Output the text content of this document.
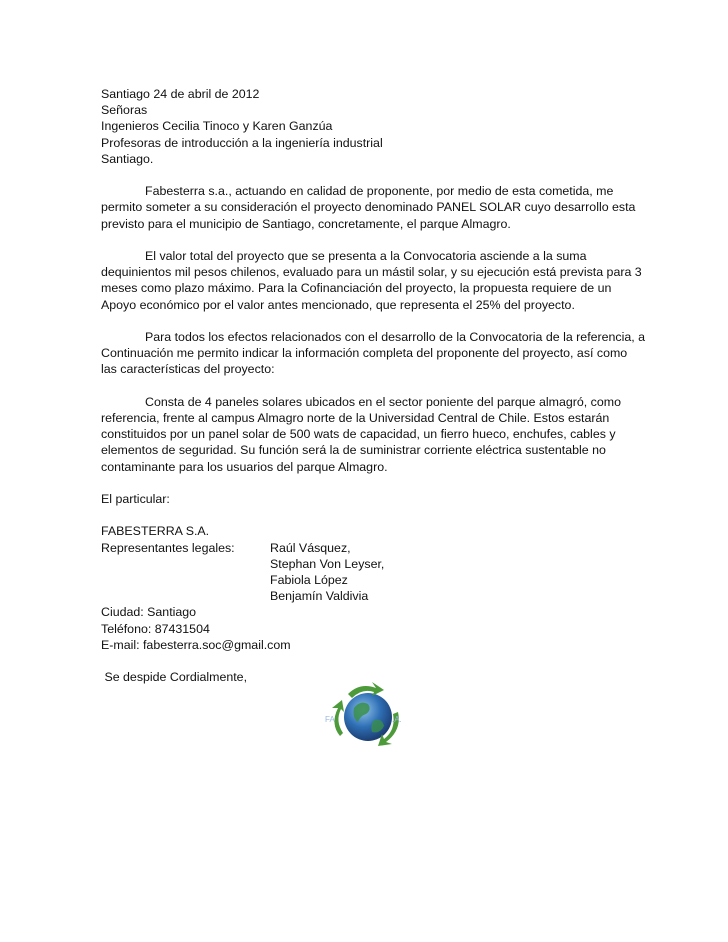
Santiago 24 de abril de 2012
Señoras
Ingenieros Cecilia Tinoco y Karen Ganzúa
Profesoras de introducción a la ingeniería industrial
Santiago.
Fabesterra s.a., actuando en calidad de proponente, por medio de esta cometida, me
permito someter a su consideración el proyecto denominado PANEL SOLAR cuyo desarrollo esta
previsto para el municipio de Santiago, concretamente, el parque Almagro.
El valor total del proyecto que se presenta a la Convocatoria asciende a la suma
dequinientos mil pesos chilenos, evaluado para un mástil solar, y su ejecución está prevista para 3
meses como plazo máximo. Para la Cofinanciación del proyecto, la propuesta requiere de un
Apoyo económico por el valor antes mencionado, que representa el 25% del proyecto.
Para todos los efectos relacionados con el desarrollo de la Convocatoria de la referencia, a
Continuación me permito indicar la información completa del proponente del proyecto, así como
las características del proyecto:
Consta de 4 paneles solares ubicados en el sector poniente del parque almagró, como
referencia, frente al campus Almagro norte de la Universidad Central de Chile. Estos estarán
constituidos por un panel solar de 500 wats de capacidad, un fierro hueco, enchufes, cables y
elementos de seguridad. Su función será la de suministrar corriente eléctrica sustentable no
contaminante para los usuarios del parque Almagro.
El particular:
FABESTERRA S.A.
Representantes legales:	Raúl Vásquez,
Stephan Von Leyser,
Fabiola López
Benjamín Valdivia
Ciudad: Santiago
Teléfono: 87431504
E-mail: fabesterra.soc@gmail.com
Se despide Cordialmente,
FA	.A.
